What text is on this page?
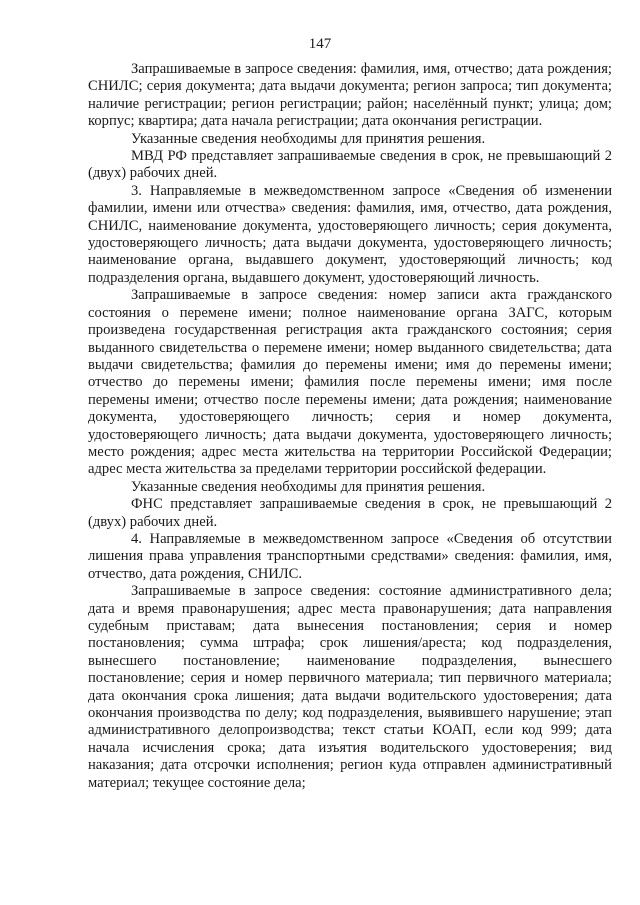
147

Запрашиваемые в запросе сведения: фамилия, имя, отчество; дата рождения; СНИЛС; серия документа; дата выдачи документа; регион запроса; тип документа; наличие регистрации; регион регистрации; район; населённый пункт; улица; дом; корпус; квартира; дата начала регистрации; дата окончания регистрации.

Указанные сведения необходимы для принятия решения.

МВД РФ представляет запрашиваемые сведения в срок, не превышающий 2 (двух) рабочих дней.

3. Направляемые в межведомственном запросе «Сведения об изменении фамилии, имени или отчества» сведения: фамилия, имя, отчество, дата рождения, СНИЛС, наименование документа, удостоверяющего личность; серия документа, удостоверяющего личность; дата выдачи документа, удостоверяющего личность; наименование органа, выдавшего документ, удостоверяющий личность; код подразделения органа, выдавшего документ, удостоверяющий личность.

Запрашиваемые в запросе сведения: номер записи акта гражданского состояния о перемене имени; полное наименование органа ЗАГС, которым произведена государственная регистрация акта гражданского состояния; серия выданного свидетельства о перемене имени; номер выданного свидетельства; дата выдачи свидетельства; фамилия до перемены имени; имя до перемены имени; отчество до перемены имени; фамилия после перемены имени; имя после перемены имени; отчество после перемены имени; дата рождения; наименование документа, удостоверяющего личность; серия и номер документа, удостоверяющего личность; дата выдачи документа, удостоверяющего личность; место рождения; адрес места жительства на территории Российской Федерации; адрес места жительства за пределами территории российской федерации.

Указанные сведения необходимы для принятия решения.

ФНС представляет запрашиваемые сведения в срок, не превышающий 2 (двух) рабочих дней.

4. Направляемые в межведомственном запросе «Сведения об отсутствии лишения права управления транспортными средствами» сведения: фамилия, имя, отчество, дата рождения, СНИЛС.

Запрашиваемые в запросе сведения: состояние административного дела; дата и время правонарушения; адрес места правонарушения; дата направления судебным приставам; дата вынесения постановления; серия и номер постановления; сумма штрафа; срок лишения/ареста; код подразделения, вынесшего постановление; наименование подразделения, вынесшего постановление; серия и номер первичного материала; тип первичного материала; дата окончания срока лишения; дата выдачи водительского удостоверения; дата окончания производства по делу; код подразделения, выявившего нарушение; этап административного делопроизводства; текст статьи КОАП, если код 999; дата начала исчисления срока; дата изъятия водительского удостоверения; вид наказания; дата отсрочки исполнения; регион куда отправлен административный материал; текущее состояние дела;
